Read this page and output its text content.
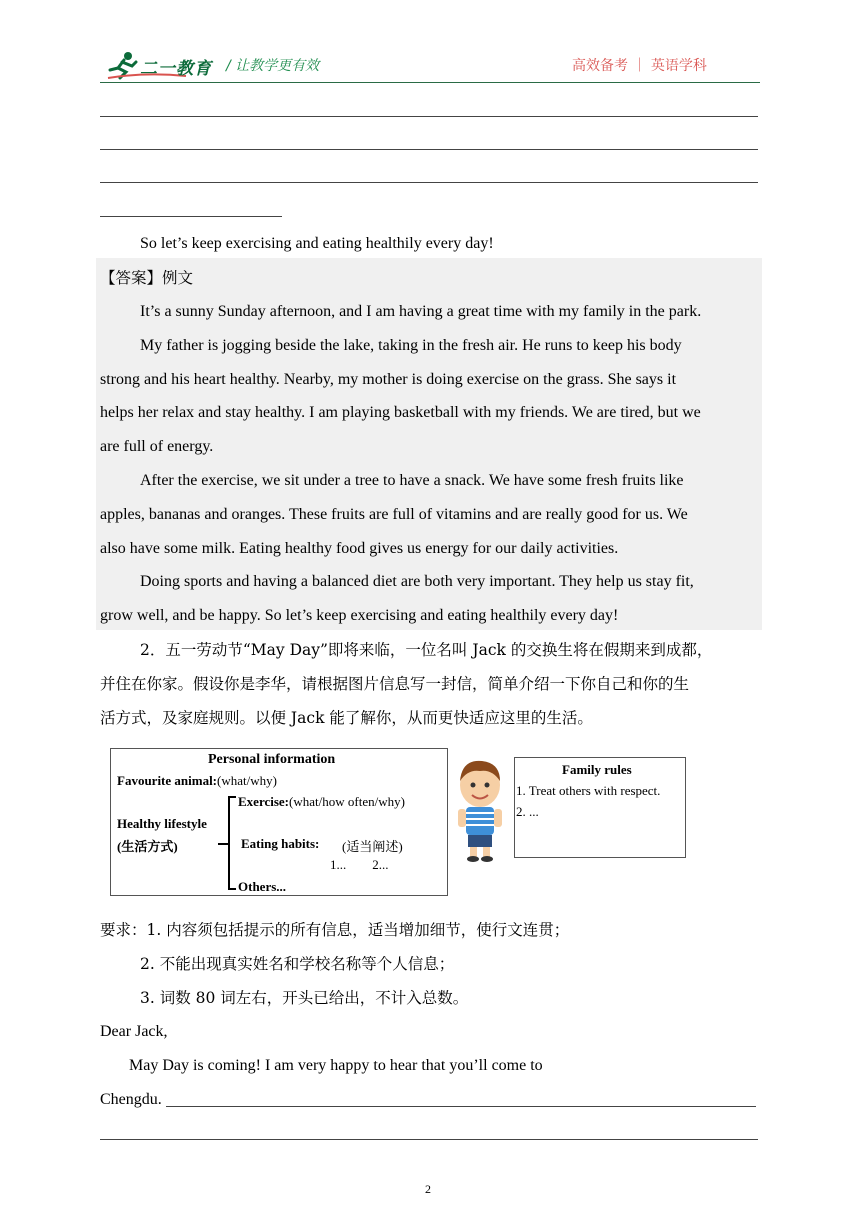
二一教育 / 让教学更有效	高效备考 ｜ 英语学科
So let’s keep exercising and eating healthily every day!
【答案】例文
It’s a sunny Sunday afternoon, and I am having a great time with my family in the park.
My father is jogging beside the lake, taking in the fresh air. He runs to keep his body
strong and his heart healthy. Nearby, my mother is doing exercise on the grass. She says it
helps her relax and stay healthy. I am playing basketball with my friends. We are tired, but we
are full of energy.
After the exercise, we sit under a tree to have a snack. We have some fresh fruits like
apples, bananas and oranges. These fruits are full of vitamins and are really good for us. We
also have some milk. Eating healthy food gives us energy for our daily activities.
Doing sports and having a balanced diet are both very important. They help us stay fit,
grow well, and be happy. So let’s keep exercising and eating healthily every day!
2．五一劳动节“May Day”即将来临，一位名叫 Jack 的交换生将在假期来到成都，
并住在你家。假设你是李华，请根据图片信息写一封信，简单介绍一下你自己和你的生
活方式，及家庭规则。以便 Jack 能了解你，从而更快适应这里的生活。
Personal information
Favourite animal:(what/why)
Healthy lifestyle
(生活方式)
Exercise:(what/how often/why)
Eating habits: (适当阐述)
1...        2...
Others...
Family rules
1. Treat others with respect.
2. ...
要求：1. 内容须包括提示的所有信息，适当增加细节，使行文连贯；
2. 不能出现真实姓名和学校名称等个人信息；
3. 词数 80 词左右，开头已给出，不计入总数。
Dear Jack,
May Day is coming! I am very happy to hear that you’ll come to
Chengdu.
2
